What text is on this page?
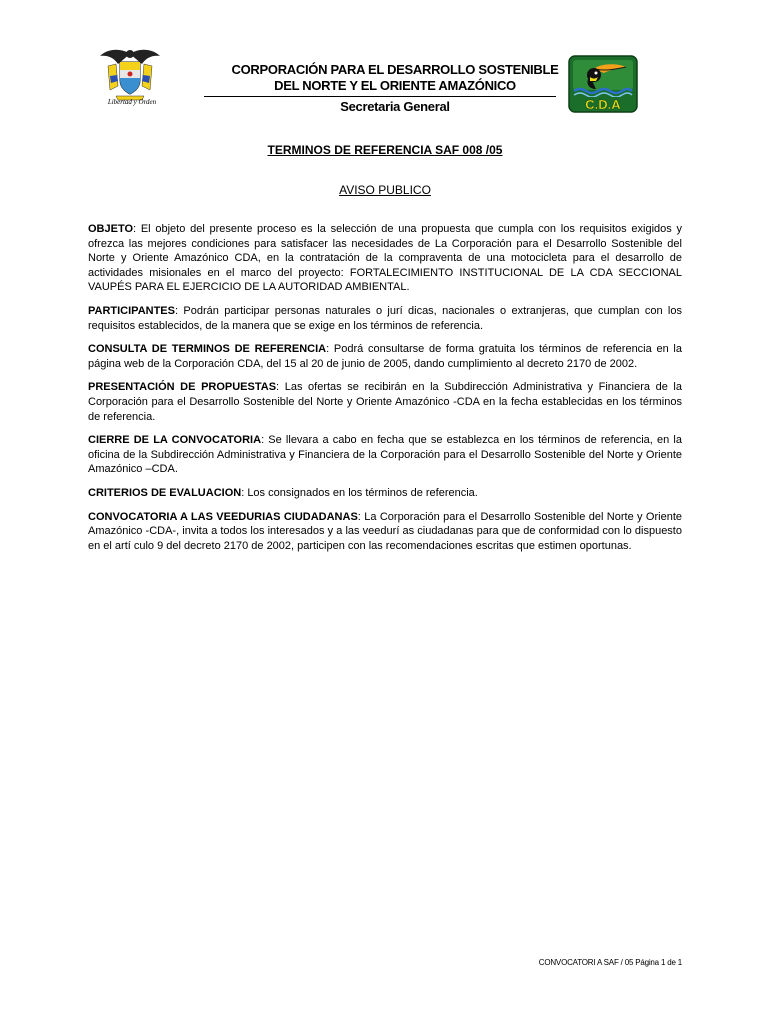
Libertad y Orden	C.D.A
CORPORACIÓN PARA EL DESARROLLO SOSTENIBLE
DEL NORTE Y EL ORIENTE AMAZÓNICO
Secretaria General
TERMINOS DE REFERENCIA SAF 008 /05
AVISO PUBLICO

OBJETO: El objeto del presente proceso es la selección de una propuesta que cumpla con los requisitos exigidos y ofrezca las mejores condiciones para satisfacer las necesidades de La Corporación para el Desarrollo Sostenible del Norte y Oriente Amazónico CDA, en la contratación de la compraventa de una motocicleta para el desarrollo de actividades misionales en el marco del proyecto: FORTALECIMIENTO INSTITUCIONAL DE LA CDA SECCIONAL VAUPÉS PARA EL EJERCICIO DE LA AUTORIDAD AMBIENTAL.

PARTICIPANTES: Podrán participar personas naturales o jurí dicas, nacionales o extranjeras, que cumplan con los requisitos establecidos, de la manera que se exige en los términos de referencia.

CONSULTA DE TERMINOS DE REFERENCIA: Podrá consultarse de forma gratuita los términos de referencia en la página web de la Corporación CDA, del 15 al 20 de junio de 2005, dando cumplimiento al decreto 2170 de 2002.

PRESENTACIÓN DE PROPUESTAS: Las ofertas se recibirán en la Subdirección Administrativa y Financiera de la Corporación para el Desarrollo Sostenible del Norte y Oriente Amazónico -CDA en la fecha establecidas en los términos de referencia.

CIERRE DE LA CONVOCATORIA: Se llevara a cabo en fecha que se establezca en los términos de referencia, en la oficina de la Subdirección Administrativa y Financiera de la Corporación para el Desarrollo Sostenible del Norte y Oriente Amazónico –CDA.

CRITERIOS DE EVALUACION: Los consignados en los términos de referencia.

CONVOCATORIA A LAS VEEDURIAS CIUDADANAS: La Corporación para el Desarrollo Sostenible del Norte y Oriente Amazónico -CDA-, invita a todos los interesados y a las veedurí as ciudadanas para que de conformidad con lo dispuesto en el artí culo 9 del decreto 2170 de 2002, participen con las recomendaciones escritas que estimen oportunas.

CONVOCATORI A SAF / 05 Página 1 de 1
